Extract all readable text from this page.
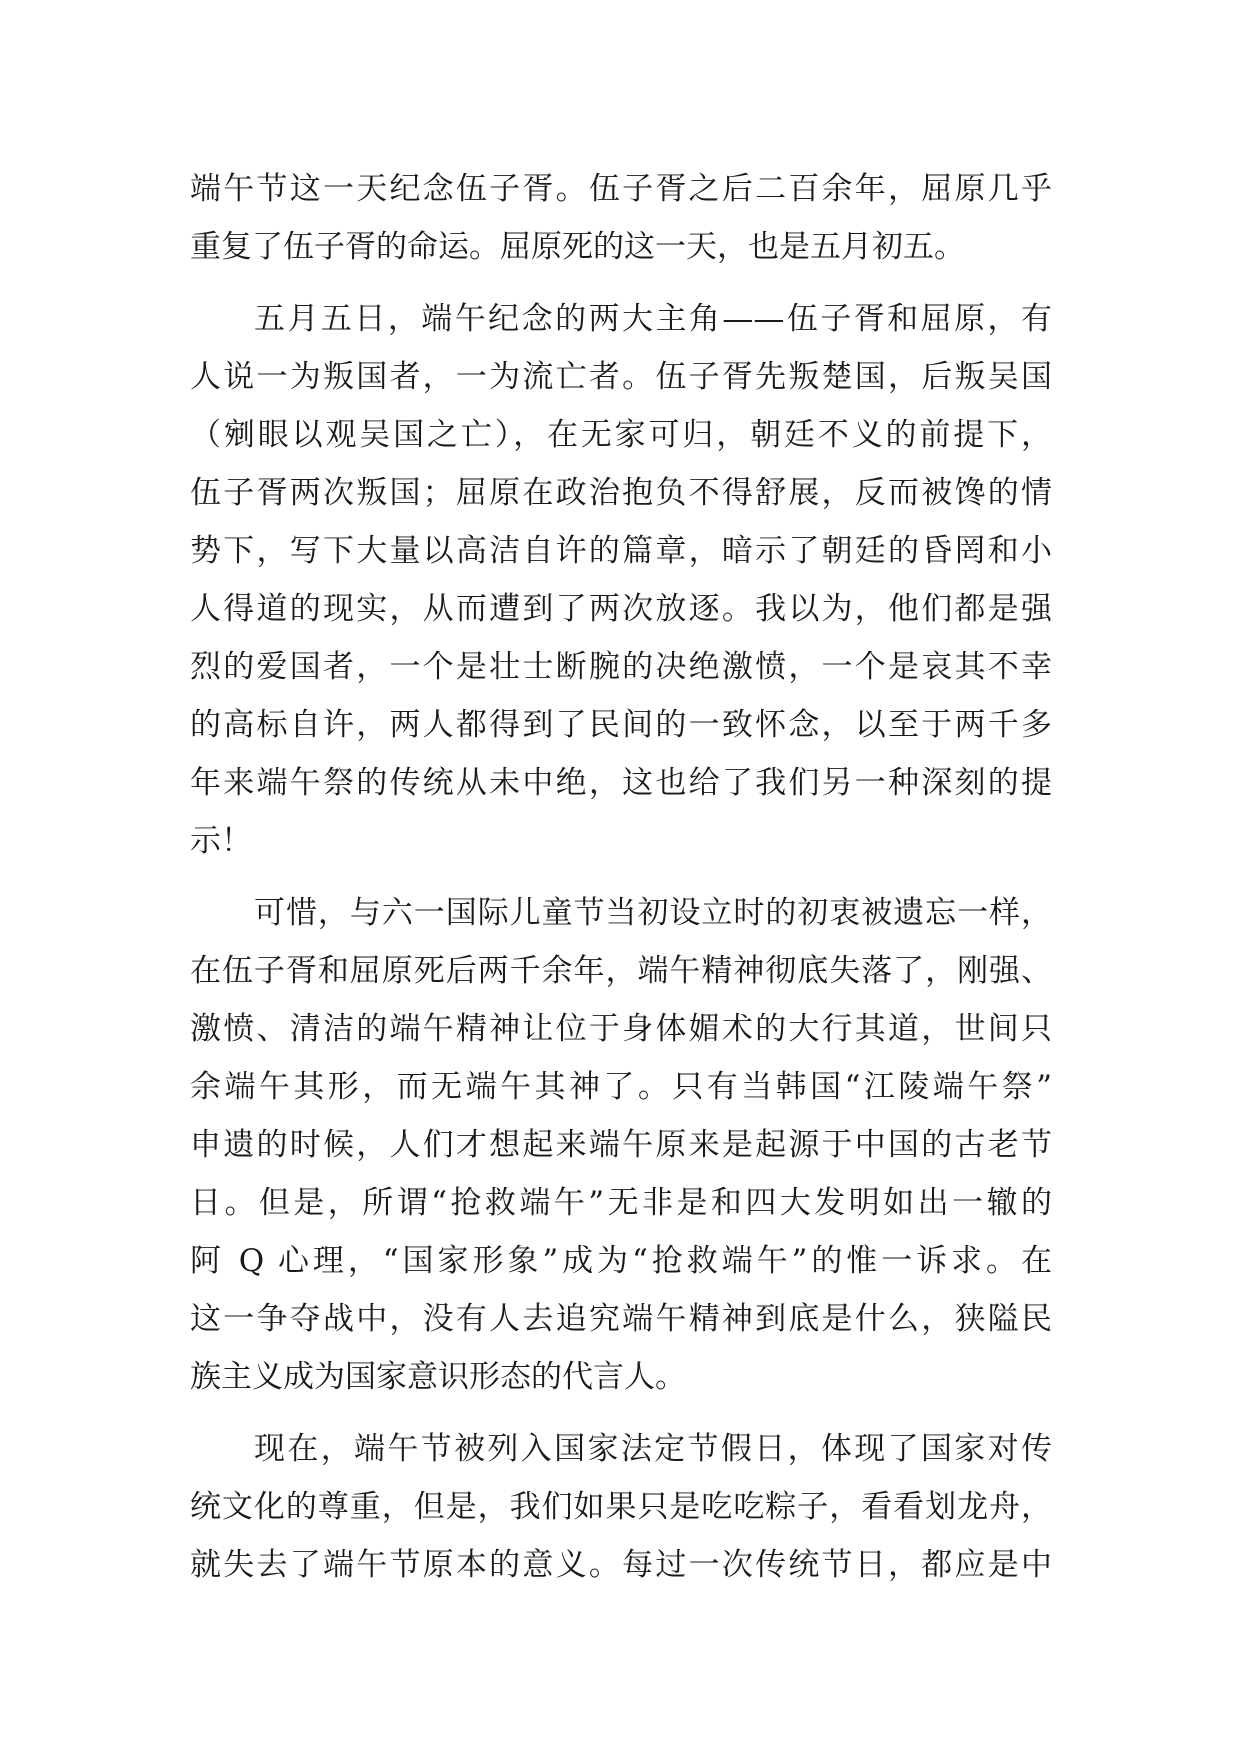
端午节这一天纪念伍子胥。伍子胥之后二百余年，屈原几乎
重复了伍子胥的命运。屈原死的这一天，也是五月初五。
五月五日，端午纪念的两大主角——伍子胥和屈原，有
人说一为叛国者，一为流亡者。伍子胥先叛楚国，后叛吴国
（剜眼以观吴国之亡），在无家可归，朝廷不义的前提下，
伍子胥两次叛国；屈原在政治抱负不得舒展，反而被馋的情
势下，写下大量以高洁自许的篇章，暗示了朝廷的昏罔和小
人得道的现实，从而遭到了两次放逐。我以为，他们都是强
烈的爱国者，一个是壮士断腕的决绝激愤，一个是哀其不幸
的高标自许，两人都得到了民间的一致怀念，以至于两千多
年来端午祭的传统从未中绝，这也给了我们另一种深刻的提
示！
可惜，与六一国际儿童节当初设立时的初衷被遗忘一样，
在伍子胥和屈原死后两千余年，端午精神彻底失落了，刚强、
激愤、清洁的端午精神让位于身体媚术的大行其道，世间只
余端午其形，而无端午其神了。只有当韩国“江陵端午祭”
申遗的时候，人们才想起来端午原来是起源于中国的古老节
日。但是，所谓“抢救端午”无非是和四大发明如出一辙的
阿 Q 心理，“国家形象”成为“抢救端午”的惟一诉求。在
这一争夺战中，没有人去追究端午精神到底是什么，狭隘民
族主义成为国家意识形态的代言人。
现在，端午节被列入国家法定节假日，体现了国家对传
统文化的尊重，但是，我们如果只是吃吃粽子，看看划龙舟，
就失去了端午节原本的意义。每过一次传统节日，都应是中
